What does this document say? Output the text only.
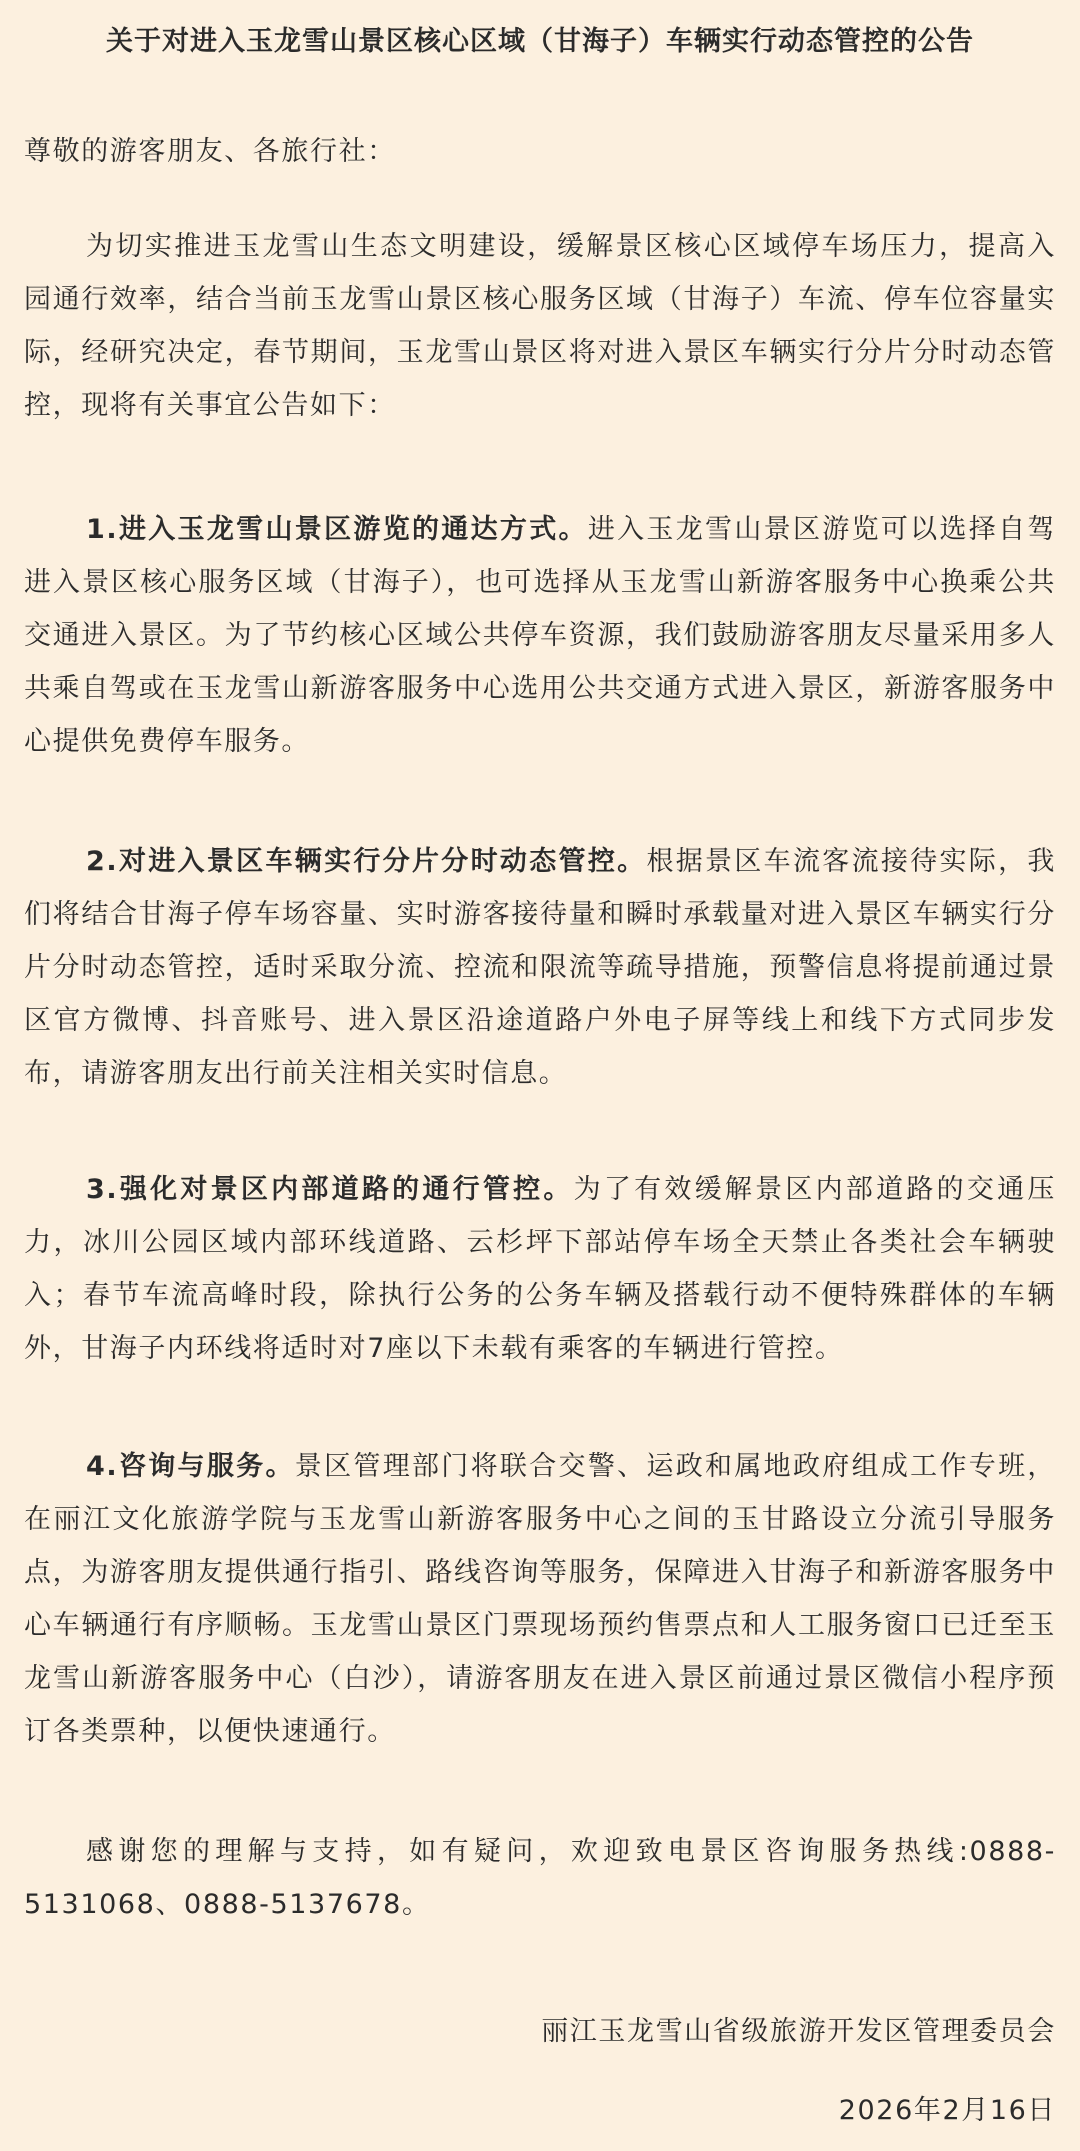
关于对进入玉龙雪山景区核心区域（甘海子）车辆实行动态管控的公告

尊敬的游客朋友、各旅行社：

为切实推进玉龙雪山生态文明建设，缓解景区核心区域停车场压力，提高入园通行效率，结合当前玉龙雪山景区核心服务区域（甘海子）车流、停车位容量实际，经研究决定，春节期间，玉龙雪山景区将对进入景区车辆实行分片分时动态管控，现将有关事宜公告如下：

1.进入玉龙雪山景区游览的通达方式。进入玉龙雪山景区游览可以选择自驾进入景区核心服务区域（甘海子），也可选择从玉龙雪山新游客服务中心换乘公共交通进入景区。为了节约核心区域公共停车资源，我们鼓励游客朋友尽量采用多人共乘自驾或在玉龙雪山新游客服务中心选用公共交通方式进入景区，新游客服务中心提供免费停车服务。

2.对进入景区车辆实行分片分时动态管控。根据景区车流客流接待实际，我们将结合甘海子停车场容量、实时游客接待量和瞬时承载量对进入景区车辆实行分片分时动态管控，适时采取分流、控流和限流等疏导措施，预警信息将提前通过景区官方微博、抖音账号、进入景区沿途道路户外电子屏等线上和线下方式同步发布，请游客朋友出行前关注相关实时信息。

3.强化对景区内部道路的通行管控。为了有效缓解景区内部道路的交通压力，冰川公园区域内部环线道路、云杉坪下部站停车场全天禁止各类社会车辆驶入；春节车流高峰时段，除执行公务的公务车辆及搭载行动不便特殊群体的车辆外，甘海子内环线将适时对7座以下未载有乘客的车辆进行管控。

4.咨询与服务。景区管理部门将联合交警、运政和属地政府组成工作专班，在丽江文化旅游学院与玉龙雪山新游客服务中心之间的玉甘路设立分流引导服务点，为游客朋友提供通行指引、路线咨询等服务，保障进入甘海子和新游客服务中心车辆通行有序顺畅。玉龙雪山景区门票现场预约售票点和人工服务窗口已迁至玉龙雪山新游客服务中心（白沙），请游客朋友在进入景区前通过景区微信小程序预订各类票种，以便快速通行。

感谢您的理解与支持，如有疑问，欢迎致电景区咨询服务热线:0888-5131068、0888-5137678。

丽江玉龙雪山省级旅游开发区管理委员会
2026年2月16日
